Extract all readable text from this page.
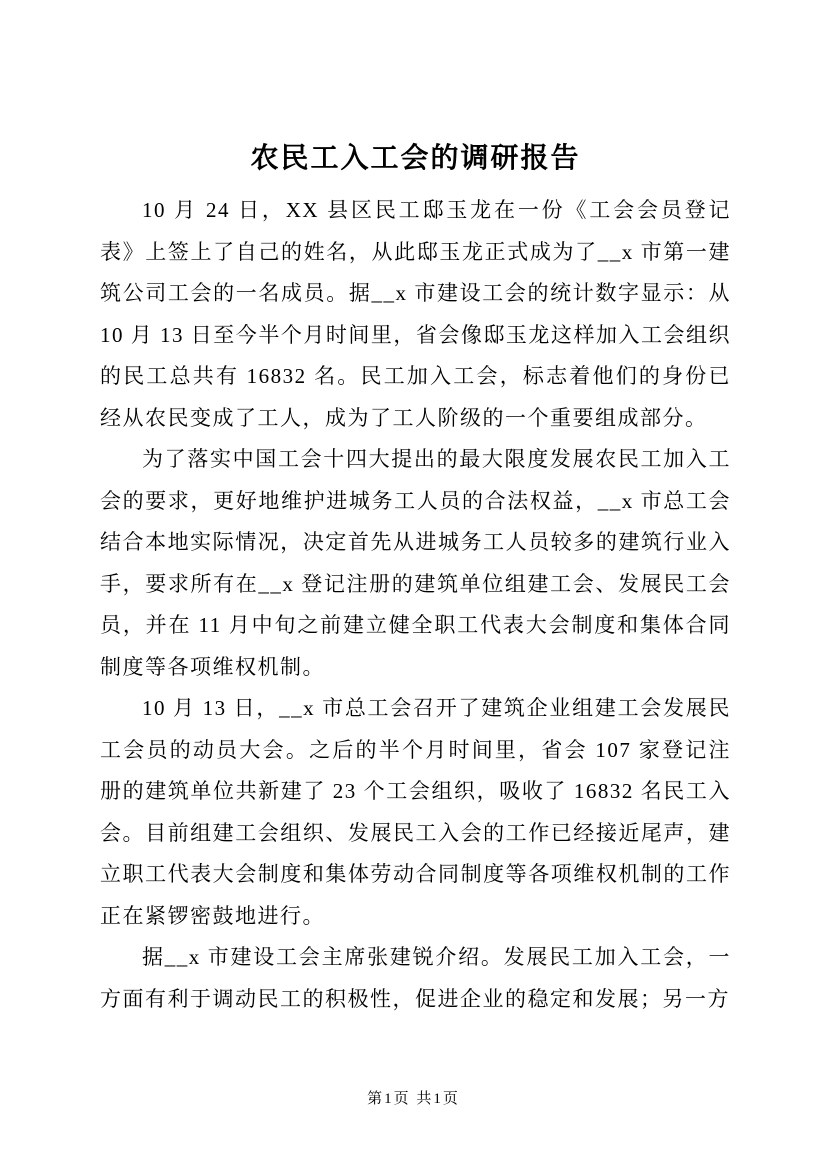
农民工入工会的调研报告

10 月 24 日，XX 县区民工邸玉龙在一份《工会会员登记表》上签上了自己的姓名，从此邸玉龙正式成为了__x 市第一建筑公司工会的一名成员。据__x 市建设工会的统计数字显示：从 10 月 13 日至今半个月时间里，省会像邸玉龙这样加入工会组织的民工总共有 16832 名。民工加入工会，标志着他们的身份已经从农民变成了工人，成为了工人阶级的一个重要组成部分。

为了落实中国工会十四大提出的最大限度发展农民工加入工会的要求，更好地维护进城务工人员的合法权益，__x 市总工会结合本地实际情况，决定首先从进城务工人员较多的建筑行业入手，要求所有在__x 登记注册的建筑单位组建工会、发展民工会员，并在 11 月中旬之前建立健全职工代表大会制度和集体合同制度等各项维权机制。

10 月 13 日，__x 市总工会召开了建筑企业组建工会发展民工会员的动员大会。之后的半个月时间里，省会 107 家登记注册的建筑单位共新建了 23 个工会组织，吸收了 16832 名民工入会。目前组建工会组织、发展民工入会的工作已经接近尾声，建立职工代表大会制度和集体劳动合同制度等各项维权机制的工作正在紧锣密鼓地进行。

据__x 市建设工会主席张建锐介绍。发展民工加入工会，一方面有利于调动民工的积极性，促进企业的稳定和发展；另一方

第1页 共1页
